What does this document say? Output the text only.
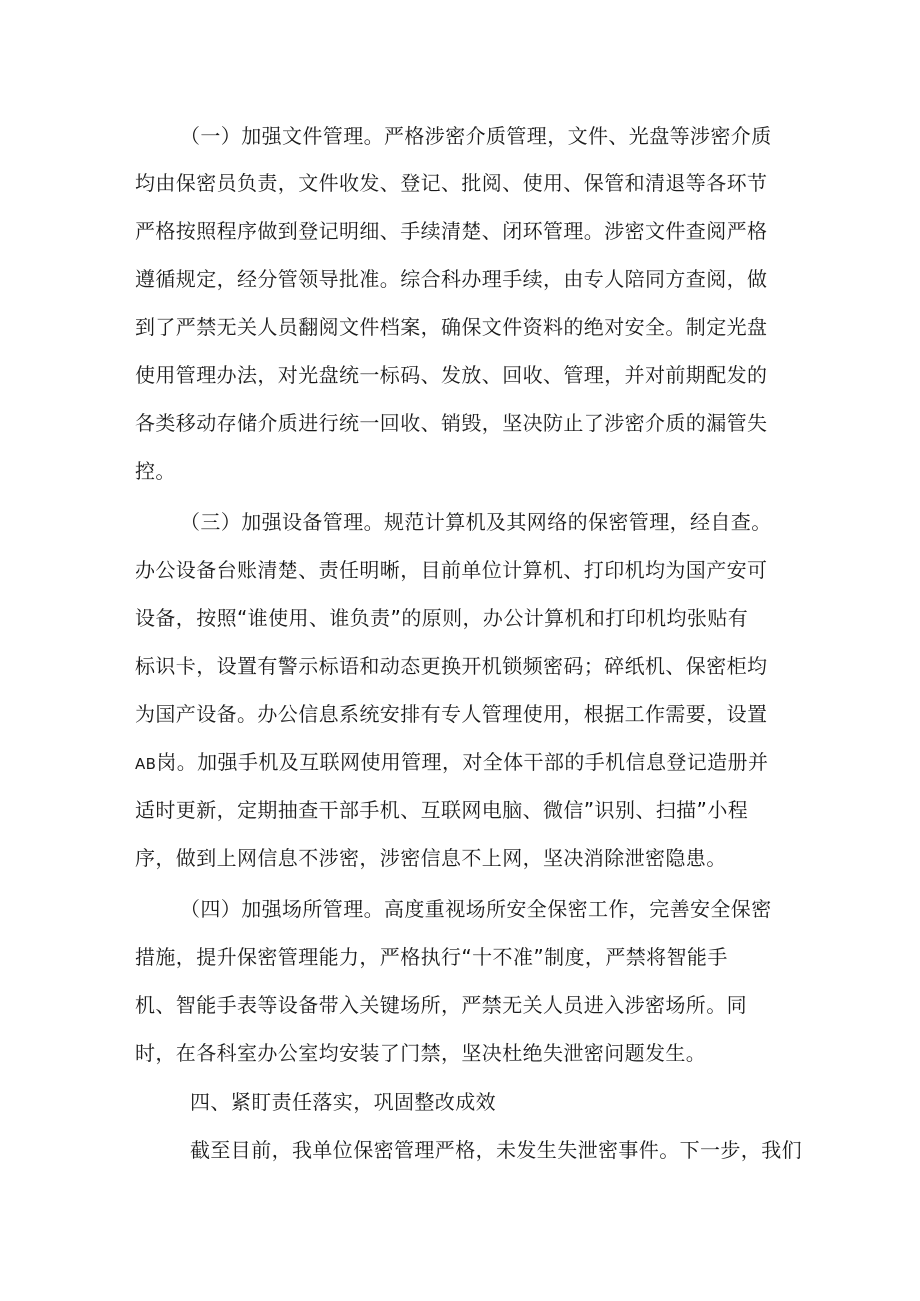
（一）加强文件管理。严格涉密介质管理，文件、光盘等涉密介质
均由保密员负责，文件收发、登记、批阅、使用、保管和清退等各环节
严格按照程序做到登记明细、手续清楚、闭环管理。涉密文件查阅严格
遵循规定，经分管领导批准。综合科办理手续，由专人陪同方查阅，做
到了严禁无关人员翻阅文件档案，确保文件资料的绝对安全。制定光盘
使用管理办法，对光盘统一标码、发放、回收、管理，并对前期配发的
各类移动存储介质进行统一回收、销毁，坚决防止了涉密介质的漏管失
控。
（三）加强设备管理。规范计算机及其网络的保密管理，经自查。
办公设备台账清楚、责任明晰，目前单位计算机、打印机均为国产安可
设备，按照“谁使用、谁负责”的原则，办公计算机和打印机均张贴有
标识卡，设置有警示标语和动态更换开机锁频密码；碎纸机、保密柜均
为国产设备。办公信息系统安排有专人管理使用，根据工作需要，设置
AB岗。加强手机及互联网使用管理，对全体干部的手机信息登记造册并
适时更新，定期抽查干部手机、互联网电脑、微信”识别、扫描”小程
序，做到上网信息不涉密，涉密信息不上网，坚决消除泄密隐患。
（四）加强场所管理。高度重视场所安全保密工作，完善安全保密
措施，提升保密管理能力，严格执行“十不准”制度，严禁将智能手
机、智能手表等设备带入关键场所，严禁无关人员进入涉密场所。同
时，在各科室办公室均安装了门禁，坚决杜绝失泄密问题发生。
四、紧盯责任落实，巩固整改成效
截至目前，我单位保密管理严格，未发生失泄密事件。下一步，我们
